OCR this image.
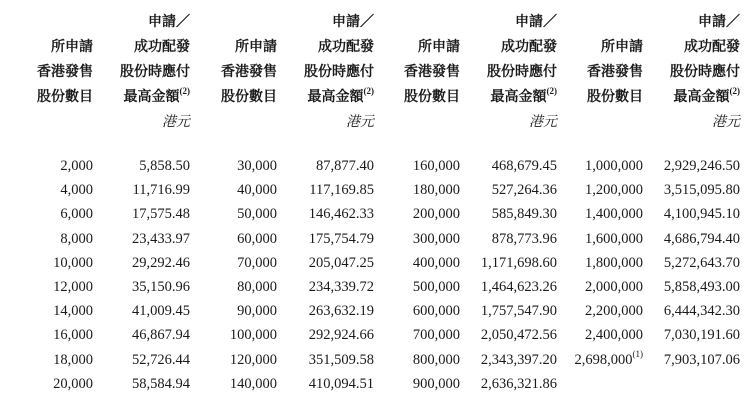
所申請
香港發售
股份數目
申請／
成功配發
股份時應付
最高金額$^{(2)}$
港元
2,000	5,858.50
4,000	11,716.99
6,000	17,575.48
8,000	23,433.97
10,000	29,292.46
12,000	35,150.96
14,000	41,009.45
16,000	46,867.94
18,000	52,726.44
20,000	58,584.94
所申請
香港發售
股份數目
申請／
成功配發
股份時應付
最高金額$^{(2)}$
港元
30,000	87,877.40
40,000 117,169.85
50,000 146,462.33
60,000 175,754.79
70,000 205,047.25
80,000 234,339.72
90,000 263,632.19
100,000 292,924.66
120,000 351,509.58
140,000 410,094.51
所申請
香港發售
股份數目
申請／
成功配發
股份時應付
最高金額$^{(2)}$
港元
160,000 468,679.45
180,000 527,264.36
200,000 585,849.30
300,000 878,773.96
400,000 1,171,698.60
500,000 1,464,623.26
600,000 1,757,547.90
700,000 2,050,472.56
800,000 2,343,397.20
900,000 2,636,321.86
所申請
香港發售
股份數目
申請／
成功配發
股份時應付
最高金額$^{(2)}$
港元
1,000,000 2,929,246.50
1,200,000 3,515,095.80
1,400,000 4,100,945.10
1,600,000 4,686,794.40
1,800,000 5,272,643.70
2,000,000 5,858,493.00
2,200,000 6,444,342.30
2,400,000 7,030,191.60
2,698,000$^{(1)}$ 7,903,107.06
